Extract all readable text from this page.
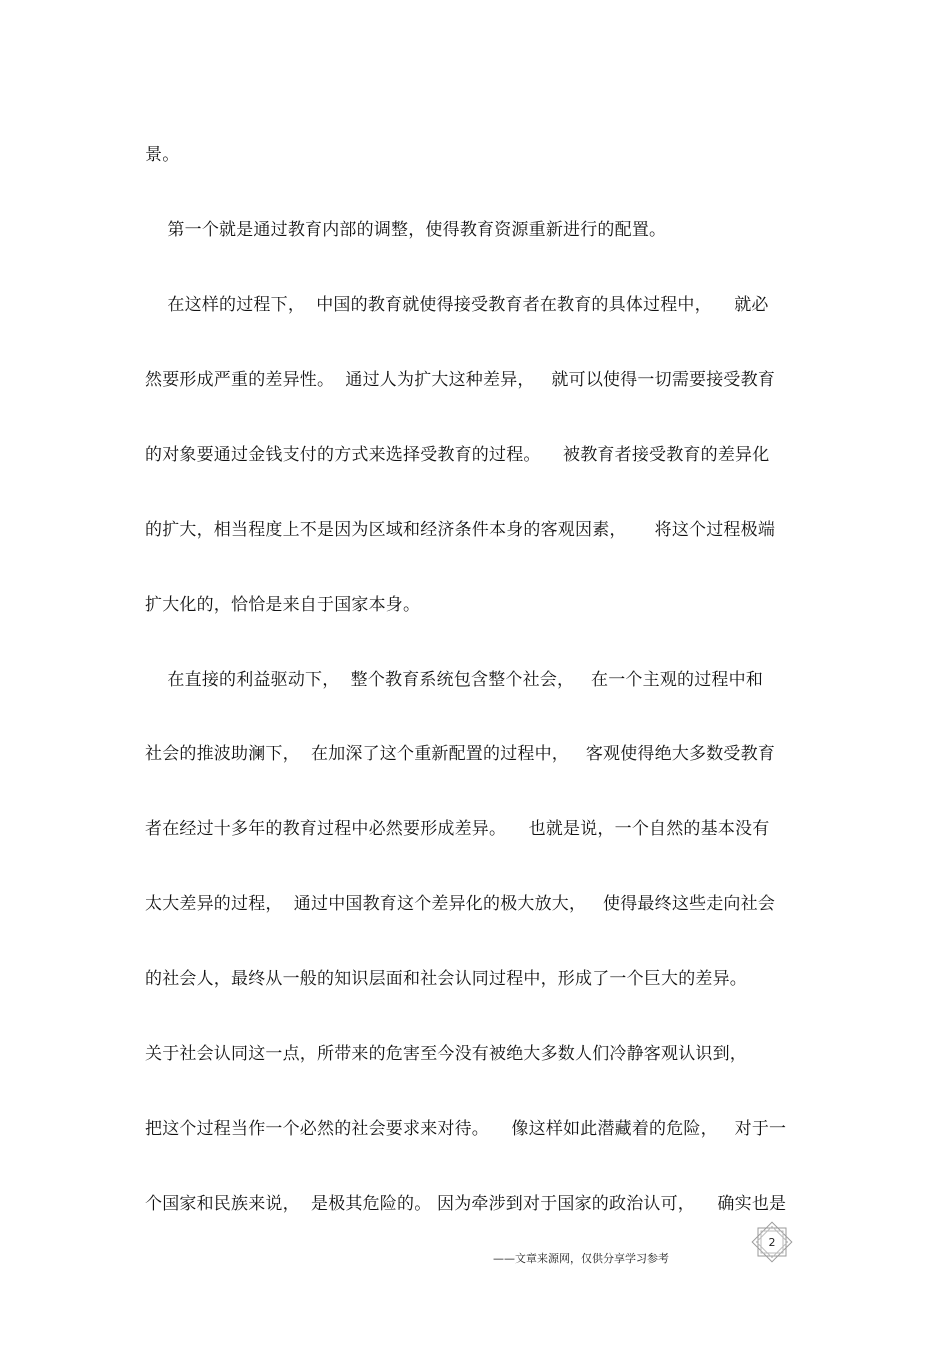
景。
第一个就是通过教育内部的调整，使得教育资源重新进行的配置。
在这样的过程下，  中国的教育就使得接受教育者在教育的具体过程中，    就必
然要形成严重的差异性。  通过人为扩大这种差异，   就可以使得一切需要接受教育
的对象要通过金钱支付的方式来选择受教育的过程。    被教育者接受教育的差异化
的扩大，相当程度上不是因为区域和经济条件本身的客观因素，     将这个过程极端
扩大化的，恰恰是来自于国家本身。
在直接的利益驱动下，  整个教育系统包含整个社会，   在一个主观的过程中和
社会的推波助澜下，  在加深了这个重新配置的过程中，   客观使得绝大多数受教育
者在经过十多年的教育过程中必然要形成差异。    也就是说，一个自然的基本没有
太大差异的过程，  通过中国教育这个差异化的极大放大，   使得最终这些走向社会
的社会人，最终从一般的知识层面和社会认同过程中，形成了一个巨大的差异。
关于社会认同这一点，所带来的危害至今没有被绝大多数人们冷静客观认识到，
把这个过程当作一个必然的社会要求来对待。    像这样如此潜藏着的危险，   对于一
个国家和民族来说，  是极其危险的。 因为牵涉到对于国家的政治认可，    确实也是
2
——文章来源网，仅供分享学习参考
